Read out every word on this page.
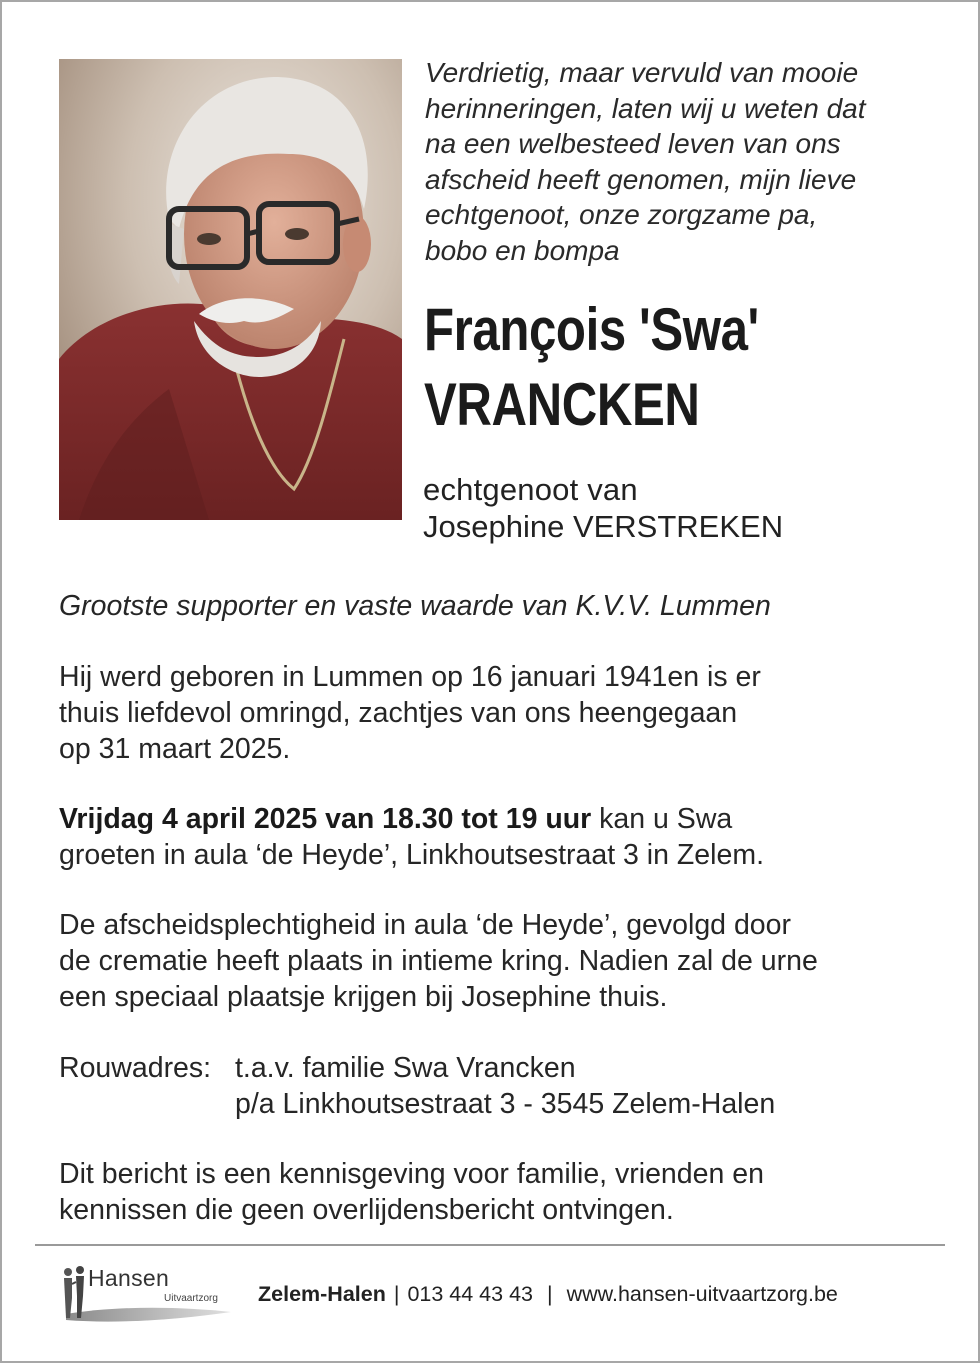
Verdrietig, maar vervuld van mooie
herinneringen, laten wij u weten dat
na een welbesteed leven van ons
afscheid heeft genomen, mijn lieve
echtgenoot, onze zorgzame pa,
bobo en bompa

François 'Swa'
VRANCKEN
echtgenoot van
Josephine VERSTREKEN

Grootste supporter en vaste waarde van K.V.V. Lummen

Hij werd geboren in Lummen op 16 januari 1941en is er
thuis liefdevol omringd, zachtjes van ons heengegaan
op 31 maart 2025.

Vrijdag 4 april 2025 van 18.30 tot 19 uur kan u Swa
groeten in aula ‘de Heyde’, Linkhoutsestraat 3 in Zelem.

De afscheidsplechtigheid in aula ‘de Heyde’, gevolgd door
de crematie heeft plaats in intieme kring. Nadien zal de urne
een speciaal plaatsje krijgen bij Josephine thuis.

Rouwadres: t.a.v. familie Swa Vrancken
p/a Linkhoutsestraat 3 - 3545 Zelem-Halen

Dit bericht is een kennisgeving voor familie, vrienden en
kennissen die geen overlijdensbericht ontvingen.

Hansen
Uitvaartzorg Zelem-Halen | 013 44 43 43 | www.hansen-uitvaartzorg.be
